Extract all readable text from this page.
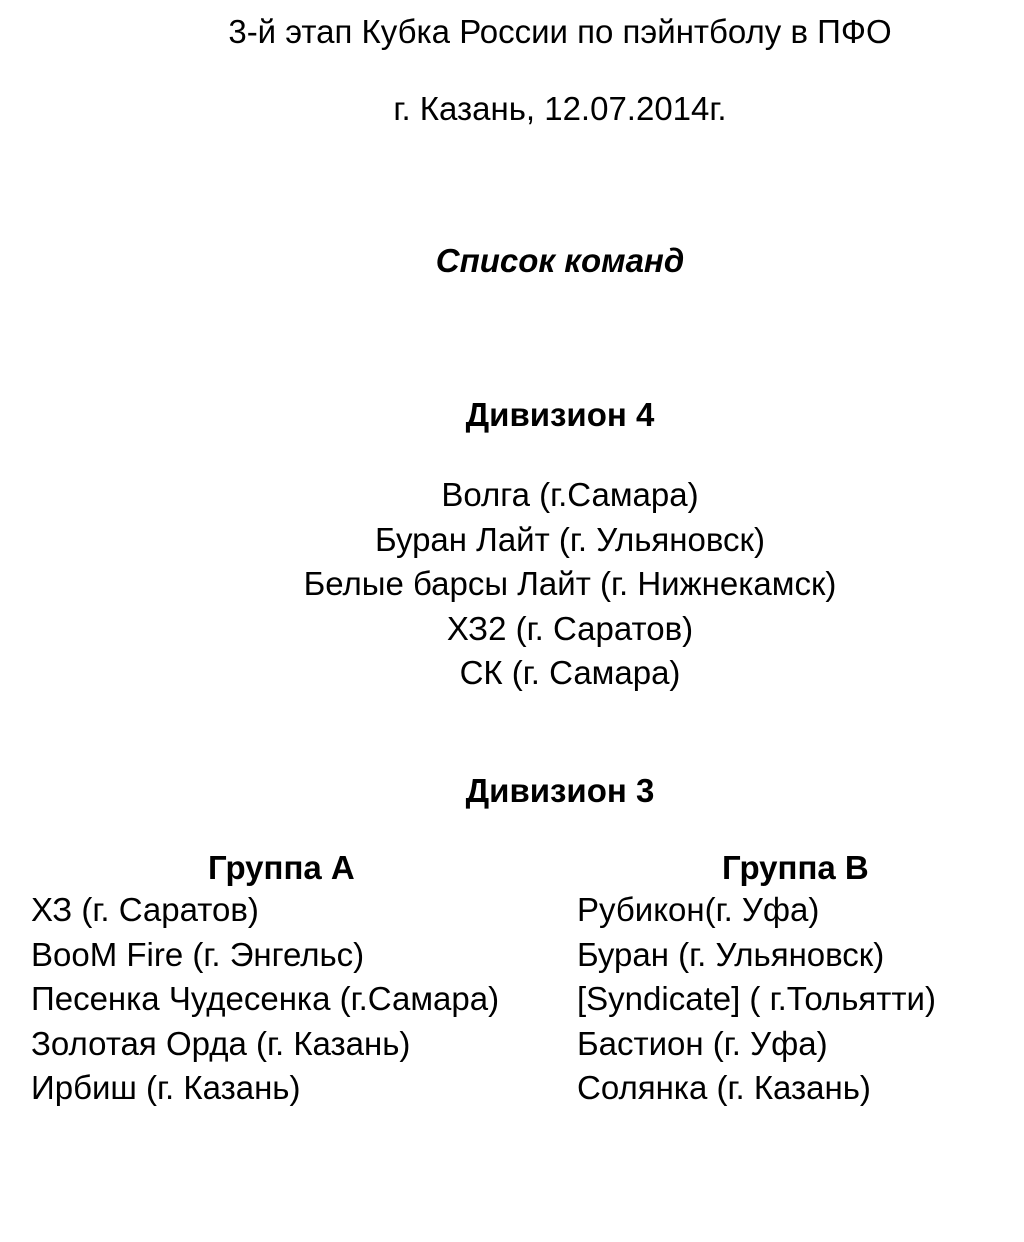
3-й этап Кубка России по пэйнтболу в ПФО
г. Казань, 12.07.2014г.
Список команд
Дивизион 4
Волга (г.Самара)
Буран Лайт (г. Ульяновск)
Белые барсы Лайт (г. Нижнекамск)
ХЗ2 (г. Саратов)
СК (г. Самара)
Дивизион 3
Группа А
ХЗ (г. Саратов)
BooM Fire (г. Энгельс)
Песенка Чудесенка (г.Самара)
Золотая Орда (г. Казань)
Ирбиш (г. Казань)
Группа В
Рубикон(г. Уфа)
Буран (г. Ульяновск)
[Syndicate] ( г.Тольятти)
Бастион (г. Уфа)
Солянка (г. Казань)
